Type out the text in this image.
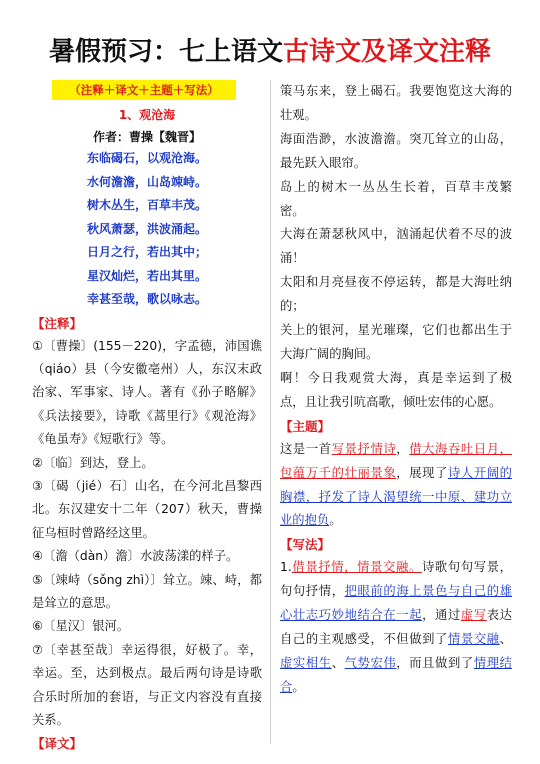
暑假预习：七上语文古诗文及译文注释
（注释＋译文＋主题＋写法）
1、观沧海
作者：曹操【魏晋】
东临碣石，以观沧海。
水何澹澹，山岛竦峙。
树木丛生，百草丰茂。
秋风萧瑟，洪波涌起。
日月之行，若出其中；
星汉灿烂，若出其里。
幸甚至哉，歌以咏志。
【注释】
①〔曹操〕(155－220)，字孟德，沛国谯（qiáo）县（今安徽亳州）人，东汉末政治家、军事家、诗人。著有《孙子略解》《兵法接要》，诗歌《蒿里行》《观沧海》《龟虽寿》《短歌行》等。
②〔临〕到达，登上。
③〔碣（jié）石〕山名，在今河北昌黎西北。东汉建安十二年（207）秋天，曹操征乌桓时曾路经这里。
④〔澹（dàn）澹〕水波荡漾的样子。
⑤〔竦峙（sǒng zhì）〕耸立。竦、峙，都是耸立的意思。
⑥〔星汉〕银河。
⑦〔幸甚至哉〕幸运得很，好极了。幸，幸运。至，达到极点。最后两句诗是诗歌合乐时所加的套语，与正文内容没有直接关系。
【译文】
策马东来，登上碣石。我要饱览这大海的壮观。
海面浩渺，水波澹澹。突兀耸立的山岛，最先跃入眼帘。
岛上的树木一丛丛生长着，百草丰茂繁密。
大海在萧瑟秋风中，汹涌起伏着不尽的波涌！
太阳和月亮昼夜不停运转，都是大海吐纳的；
关上的银河，星光璀璨，它们也都出生于大海广阔的胸间。
啊！今日我观赏大海，真是幸运到了极点，且让我引吭高歌，倾吐宏伟的心愿。
【主题】
这是一首写景抒情诗，借大海吞吐日月，包蕴万千的壮丽景象，展现了诗人开阔的胸襟，抒发了诗人渴望统一中原、建功立业的抱负。
【写法】
1.借景抒情，情景交融。诗歌句句写景，句句抒情，把眼前的海上景色与自己的雄心壮志巧妙地结合在一起，通过虚写表达自己的主观感受，不但做到了情景交融、虚实相生、气势宏伟，而且做到了情理结合。
